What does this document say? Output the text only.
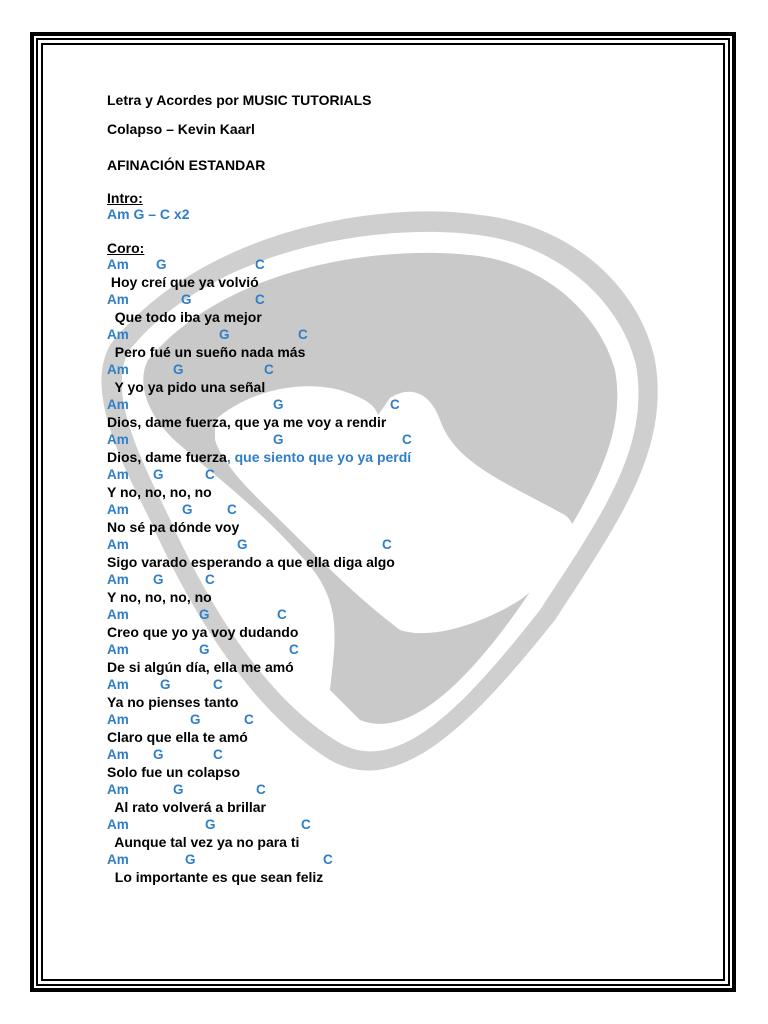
Letra y Acordes por MUSIC TUTORIALS
Colapso – Kevin Kaarl
AFINACIÓN ESTANDAR
Intro:
Am G – C x2
Coro:
Am G	C
Hoy creí que ya volvió
Am	G	C
Que todo iba ya mejor
Am	G	C
Pero fué un sueño nada más
Am	G	C
Y yo ya pido una señal
Am	G	C
Dios, dame fuerza, que ya me voy a rendir
Am	G	C
Dios, dame fuerza, que siento que yo ya perdí
Am G	C
Y no, no, no, no
Am	G	C
No sé pa dónde voy
Am	G	C
Sigo varado esperando a que ella diga algo
Am G	C
Y no, no, no, no
Am	G	C
Creo que yo ya voy dudando
Am	G	C
De si algún día, ella me amó
Am G	C
Ya no pienses tanto
Am	G	C
Claro que ella te amó
Am G	C
Solo fue un colapso
Am	G	C
Al rato volverá a brillar
Am	G	C
Aunque tal vez ya no para ti
Am	G	C
Lo importante es que sean feliz
